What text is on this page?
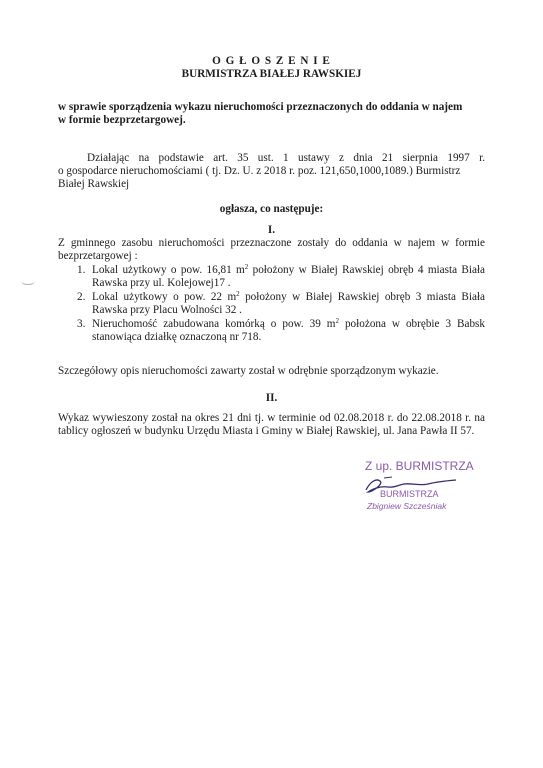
O G Ł O S Z E N I E
BURMISTRZA BIAŁEJ RAWSKIEJ
w sprawie sporządzenia wykazu nieruchomości przeznaczonych do oddania w najem
w formie bezprzetargowej.
Działając na podstawie art. 35 ust. 1 ustawy z dnia 21 sierpnia 1997 r.
o gospodarce nieruchomościami ( tj. Dz. U. z 2018 r. poz. 121,650,1000,1089.) Burmistrz
Białej Rawskiej
ogłasza, co następuje:
I.
Z gminnego zasobu nieruchomości przeznaczone zostały do oddania w najem w formie
bezprzetargowej :
1. Lokal użytkowy o pow. 16,81 $m^2$ położony w Białej Rawskiej obręb 4 miasta Biała
Rawska przy ul. Kolejowej17 .
2. Lokal użytkowy o pow. 22 $m^2$ położony w Białej Rawskiej obręb 3 miasta Biała
Rawska przy Placu Wolności 32 .
3. Nieruchomość zabudowana komórką o pow. 39 $m^2$ położona w obrębie 3 Babsk
stanowiąca działkę oznaczoną nr 718.
Szczegółowy opis nieruchomości zawarty został w odrębnie sporządzonym wykazie.
II.
Wykaz wywieszony został na okres 21 dni tj. w terminie od 02.08.2018 r. do 22.08.2018 r. na
tablicy ogłoszeń w budynku Urzędu Miasta i Gminy w Białej Rawskiej, ul. Jana Pawła II 57.
Z up. BURMISTRZA
BURMISTRZA
Zbigniew Szcześniak
